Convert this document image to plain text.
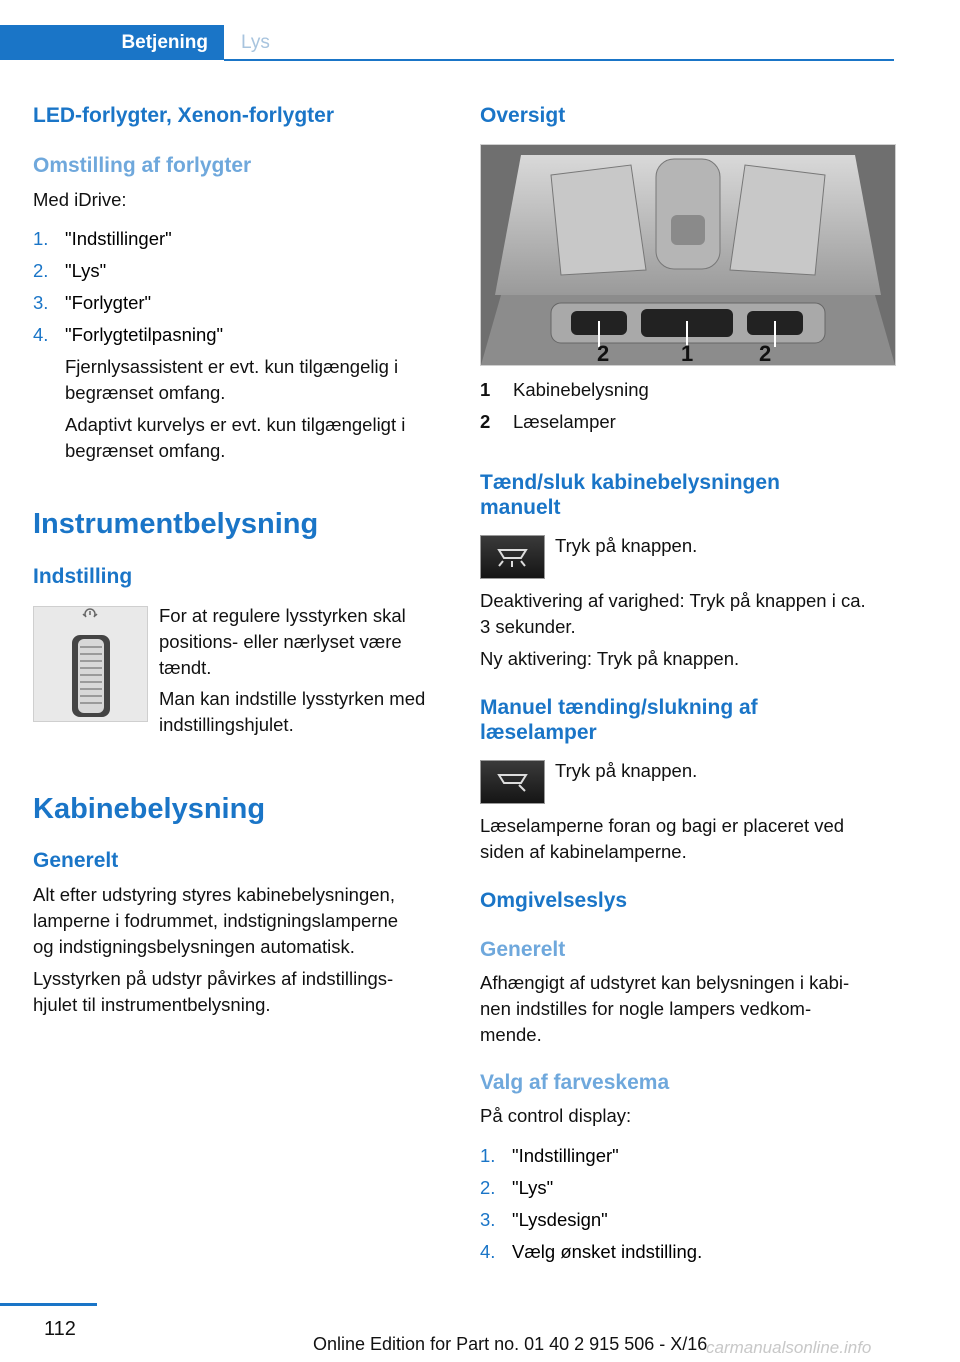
Betjening Lys
LED-forlygter, Xenon-forlygter
Omstilling af forlygter
Med iDrive:
1. "Indstillinger"
2. "Lys"
3. "Forlygter"
4. "Forlygtetilpasning"
Fjernlysassistent er evt. kun tilgængelig i
begrænset omfang.
Adaptivt kurvelys er evt. kun tilgængeligt i
begrænset omfang.
Instrumentbelysning
Indstilling
For at regulere lysstyrken skal
positions- eller nærlyset være
tændt.
Man kan indstille lysstyrken med
indstillingshjulet.
Kabinebelysning
Generelt
Alt efter udstyring styres kabinebelysningen,
lamperne i fodrummet, indstigningslamperne
og indstigningsbelysningen automatisk.
Lysstyrken på udstyr påvirkes af indstillings‐
hjulet til instrumentbelysning.
Oversigt
2	1	2
1 Kabinebelysning
2 Læselamper
Tænd/sluk kabinebelysningen
manuelt
Tryk på knappen.
Deaktivering af varighed: Tryk på knappen i ca.
3 sekunder.
Ny aktivering: Tryk på knappen.
Manuel tænding/slukning af
læselamper
Tryk på knappen.
Læselamperne foran og bagi er placeret ved
siden af kabinelamperne.
Omgivelseslys
Generelt
Afhængigt af udstyret kan belysningen i kabi‐
nen indstilles for nogle lampers vedkom‐
mende.
Valg af farveskema
På control display:
1. "Indstillinger"
2. "Lys"
3. "Lysdesign"
4. Vælg ønsket indstilling.
112
Online Edition for Part no. 01 40 2 915 506 - X/16
carmanualsonline.info
